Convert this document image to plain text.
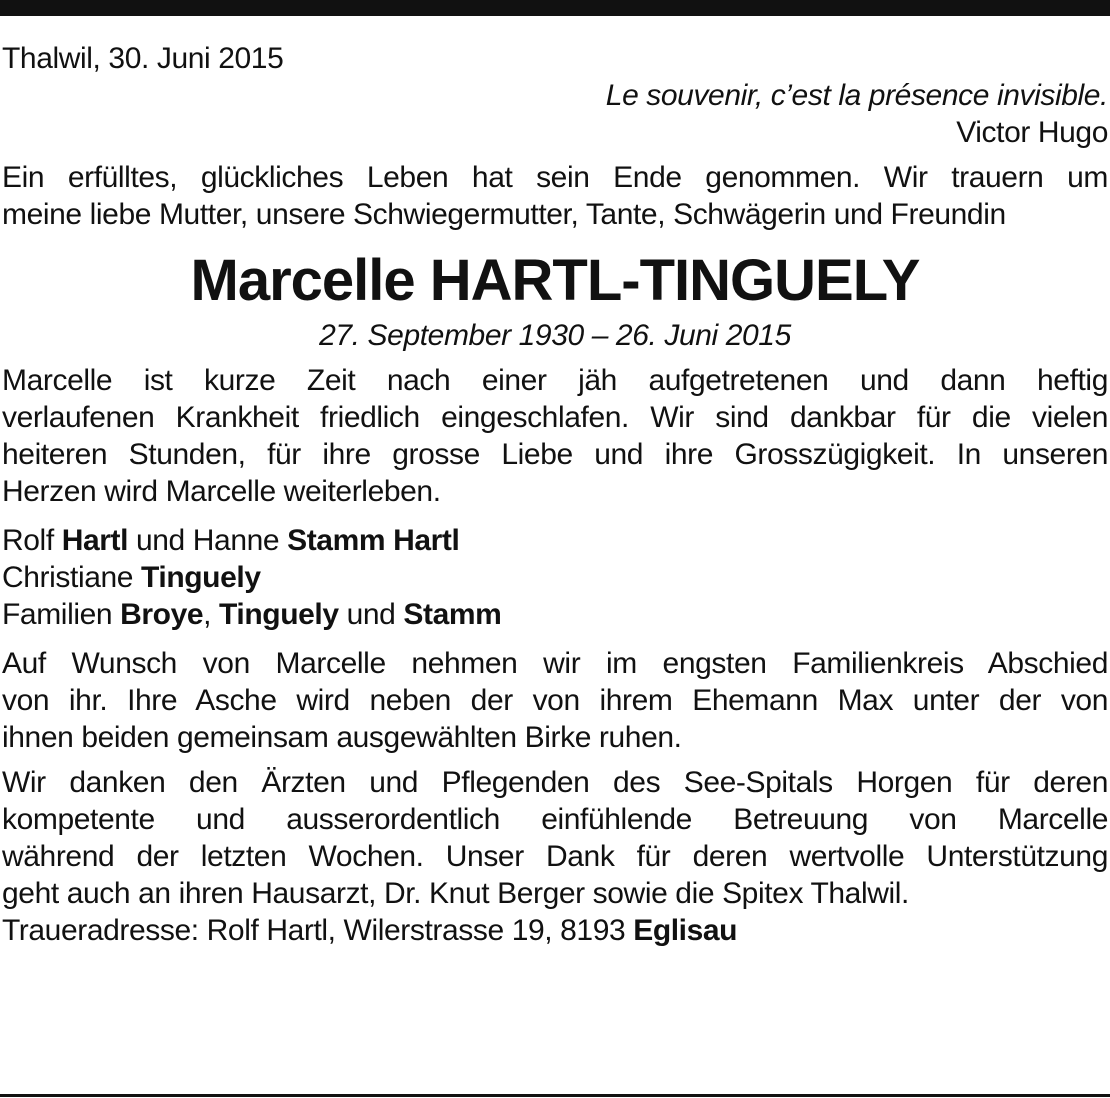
Thalwil, 30. Juni 2015
Le souvenir, c’est la présence invisible.
Victor Hugo
Ein erfülltes, glückliches Leben hat sein Ende genommen. Wir trauern um
meine liebe Mutter, unsere Schwiegermutter, Tante, Schwägerin und Freundin
Marcelle HARTL-TINGUELY
27. September 1930 – 26. Juni 2015
Marcelle ist kurze Zeit nach einer jäh aufgetretenen und dann heftig
verlaufenen Krankheit friedlich eingeschlafen. Wir sind dankbar für die vielen
heiteren Stunden, für ihre grosse Liebe und ihre Grosszügigkeit. In unseren
Herzen wird Marcelle weiterleben.
Rolf Hartl und Hanne Stamm Hartl
Christiane Tinguely
Familien Broye, Tinguely und Stamm
Auf Wunsch von Marcelle nehmen wir im engsten Familienkreis Abschied
von ihr. Ihre Asche wird neben der von ihrem Ehemann Max unter der von
ihnen beiden gemeinsam ausgewählten Birke ruhen.
Wir danken den Ärzten und Pflegenden des See-Spitals Horgen für deren
kompetente und ausserordentlich einfühlende Betreuung von Marcelle
während der letzten Wochen. Unser Dank für deren wertvolle Unterstützung
geht auch an ihren Hausarzt, Dr. Knut Berger sowie die Spitex Thalwil.
Traueradresse: Rolf Hartl, Wilerstrasse 19, 8193 Eglisau
